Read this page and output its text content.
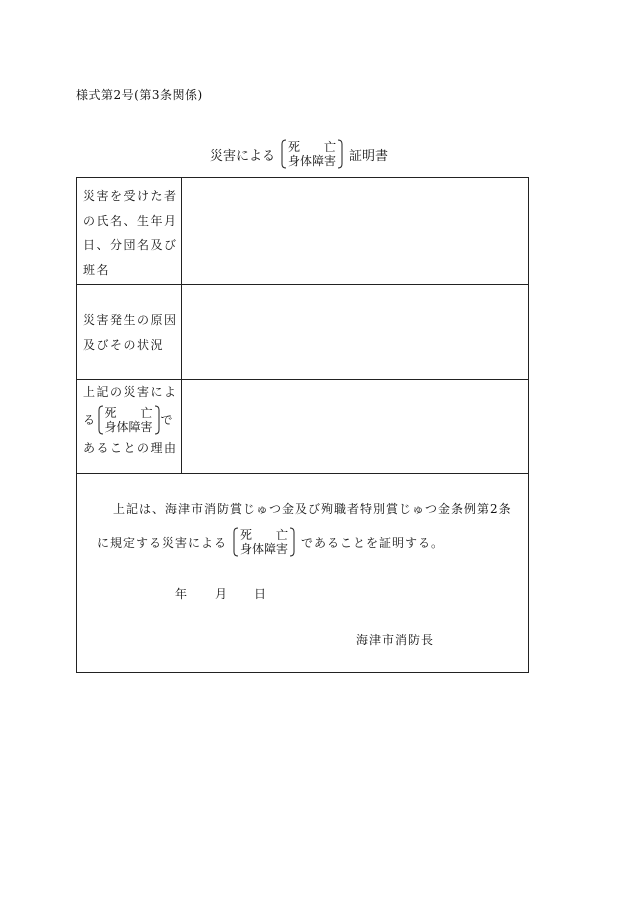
様式第2号(第3条関係)
災害による
死 亡
身体障害 証明書
災害を受けた者
の氏名、生年月
日、分団名及び
班名
災害発生の原因
及びその状況
上記の災害によ
る 死 亡
身体障害 で
あることの理由
上記は、海津市消防賞じゅつ金及び殉職者特別賞じゅつ金条例第2条
に規定する災害による
死 亡
身体障害 であることを証明する。
年 月 日
海津市消防長
